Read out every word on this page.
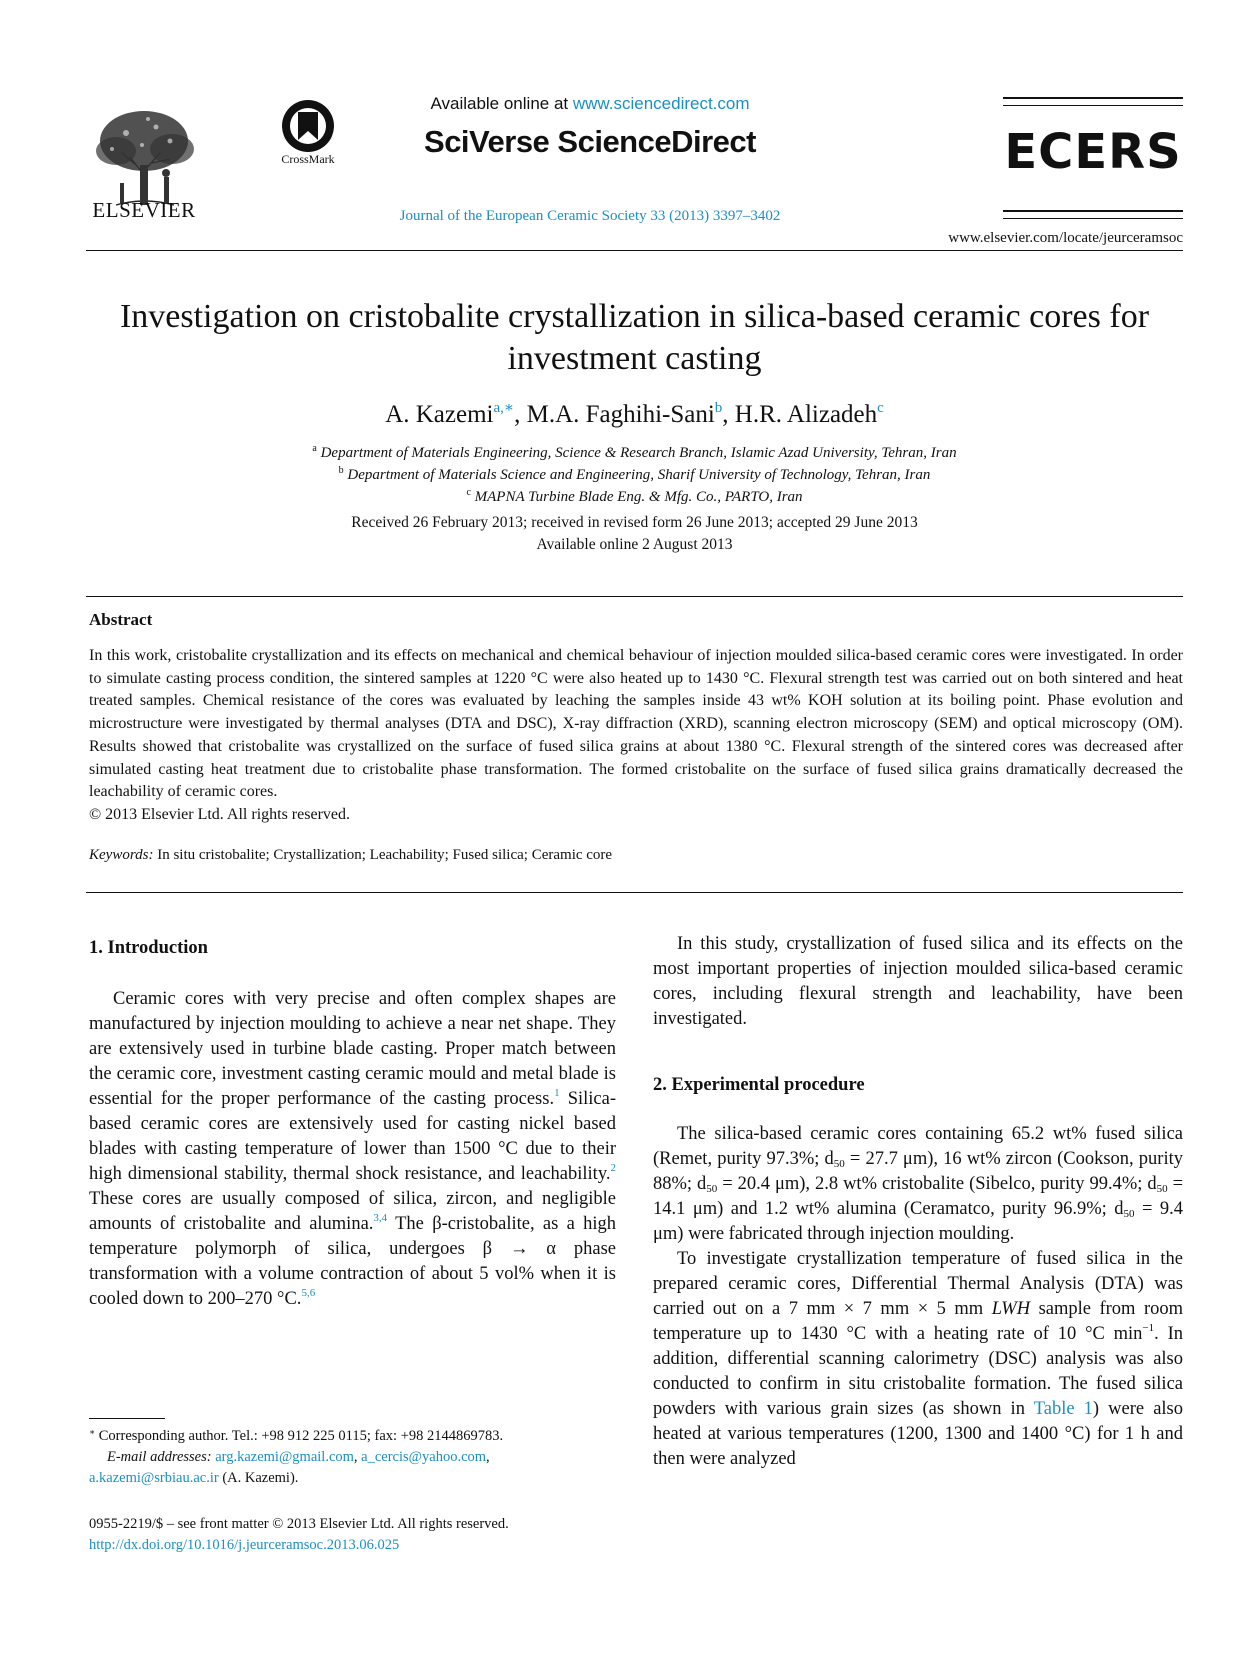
ELSEVIER
CrossMark
Available online at www.sciencedirect.com
SciVerse ScienceDirect
Journal of the European Ceramic Society 33 (2013) 3397–3402
ECERS
www.elsevier.com/locate/jeurceramsoc
Investigation on cristobalite crystallization in silica-based ceramic cores for
investment casting
A. Kazemi$^{a,∗}$, M.A. Faghihi-Sani$^b$, H.R. Alizadeh$^c$
$^a$ Department of Materials Engineering, Science & Research Branch, Islamic Azad University, Tehran, Iran
$^b$ Department of Materials Science and Engineering, Sharif University of Technology, Tehran, Iran
$^c$ MAPNA Turbine Blade Eng. & Mfg. Co., PARTO, Iran
Received 26 February 2013; received in revised form 26 June 2013; accepted 29 June 2013
Available online 2 August 2013
Abstract
In this work, cristobalite crystallization and its effects on mechanical and chemical behaviour of injection moulded silica-based ceramic cores were investigated. In order to simulate casting process condition, the sintered samples at 1220 °C were also heated up to 1430 °C. Flexural strength test was carried out on both sintered and heat treated samples. Chemical resistance of the cores was evaluated by leaching the samples inside 43 wt% KOH solution at its boiling point. Phase evolution and microstructure were investigated by thermal analyses (DTA and DSC), X-ray diffraction (XRD), scanning electron microscopy (SEM) and optical microscopy (OM). Results showed that cristobalite was crystallized on the surface of fused silica grains at about 1380 °C. Flexural strength of the sintered cores was decreased after simulated casting heat treatment due to cristobalite phase transformation. The formed cristobalite on the surface of fused silica grains dramatically decreased the leachability of ceramic cores.
© 2013 Elsevier Ltd. All rights reserved.
Keywords: In situ cristobalite; Crystallization; Leachability; Fused silica; Ceramic core
1. Introduction

Ceramic cores with very precise and often complex shapes are manufactured by injection moulding to achieve a near net shape. They are extensively used in turbine blade casting. Proper match between the ceramic core, investment casting ceramic mould and metal blade is essential for the proper performance of the casting process.$^1$ Silica-based ceramic cores are extensively used for casting nickel based blades with casting temperature of lower than 1500 °C due to their high dimensional stability, thermal shock resistance, and leachability.$^2$ These cores are usually composed of silica, zircon, and negligible amounts of cristobalite and alumina.$^{3,4}$ The β-cristobalite, as a high temperature polymorph of silica, undergoes β → α phase transformation with a volume contraction of about 5 vol% when it is cooled down to 200–270 °C.$^{5,6}$

In this study, crystallization of fused silica and its effects on the most important properties of injection moulded silica-based ceramic cores, including flexural strength and leachability, have been investigated.

2. Experimental procedure

The silica-based ceramic cores containing 65.2 wt% fused silica (Remet, purity 97.3%; $d_{50} = 27.7$ μm), 16 wt% zircon (Cookson, purity 88%; $d_{50} = 20.4$ μm), 2.8 wt% cristobalite (Sibelco, purity 99.4%; $d_{50} = 14.1$ μm) and 1.2 wt% alumina (Ceramatco, purity 96.9%; $d_{50} = 9.4$ μm) were fabricated through injection moulding.

To investigate crystallization temperature of fused silica in the prepared ceramic cores, Differential Thermal Analysis (DTA) was carried out on a 7 mm × 7 mm × 5 mm LWH sample from room temperature up to 1430 °C with a heating rate of 10 °C $\min^{-1}$. In addition, differential scanning calorimetry (DSC) analysis was also conducted to confirm in situ cristobalite formation. The fused silica powders with various grain sizes (as shown in Table 1) were also heated at various temperatures (1200, 1300 and 1400 °C) for 1 h and then were analyzed

∗ Corresponding author. Tel.: +98 912 225 0115; fax: +98 2144869783.
E-mail addresses: arg.kazemi@gmail.com, a_cercis@yahoo.com,
a.kazemi@srbiau.ac.ir (A. Kazemi).
0955-2219/$ – see front matter © 2013 Elsevier Ltd. All rights reserved.
http://dx.doi.org/10.1016/j.jeurceramsoc.2013.06.025
